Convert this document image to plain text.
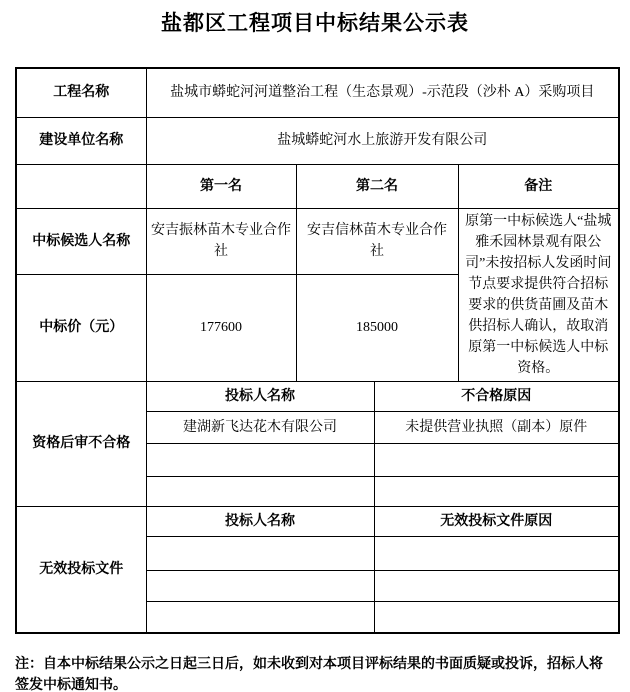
盐都区工程项目中标结果公示表
工程名称	盐城市蟒蛇河河道整治工程（生态景观）-示范段（沙朴 A）采购项目			
建设单位名称	盐城蟒蛇河水上旅游开发有限公司			
	第一名	第二名		备注
中标候选人名称	安吉振林苗木专业合作社	安吉信林苗木专业合作社		原第一中标候选人“盐城雅禾园林景观有限公司”未按招标人发函时间节点要求提供符合招标要求的供货苗圃及苗木供招标人确认，故取消原第一中标候选人中标资格。
中标价（元）	177600	185000		
资格后审不合格	投标人名称		不合格原因	
	建湖新飞达花木有限公司		未提供营业执照（副本）原件	

无效投标文件	投标人名称		无效投标文件原因	

注：自本中标结果公示之日起三日后，如未收到对本项目评标结果的书面质疑或投诉，招标人将签发中标通知书。
